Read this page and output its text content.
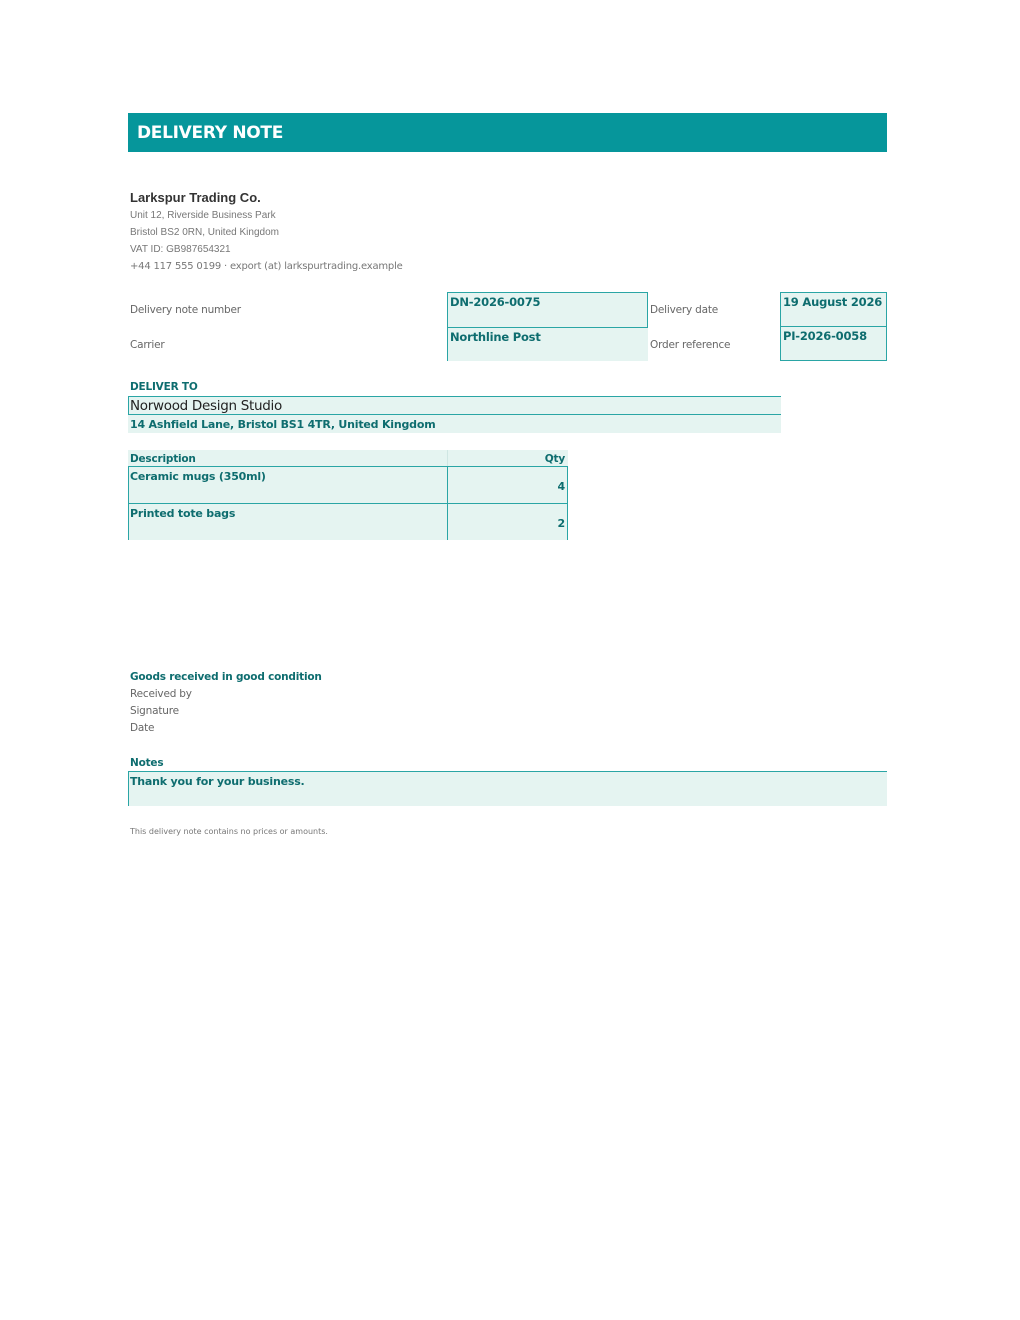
DELIVERY NOTE
Larkspur Trading Co.
Unit 12, Riverside Business Park
Bristol BS2 0RN, United Kingdom
VAT ID: GB987654321
+44 117 555 0199 · export (at) larkspurtrading.example
Delivery note number
DN-2026-0075
Delivery date
19 August 2026
Carrier
Northline Post
Order reference
PI-2026-0058
DELIVER TO
Norwood Design Studio
14 Ashfield Lane, Bristol BS1 4TR, United Kingdom
Description	Qty
Ceramic mugs (350ml)
4
Printed tote bags
2
Goods received in good condition
Received by
Signature
Date
Notes
Thank you for your business.
This delivery note contains no prices or amounts.
